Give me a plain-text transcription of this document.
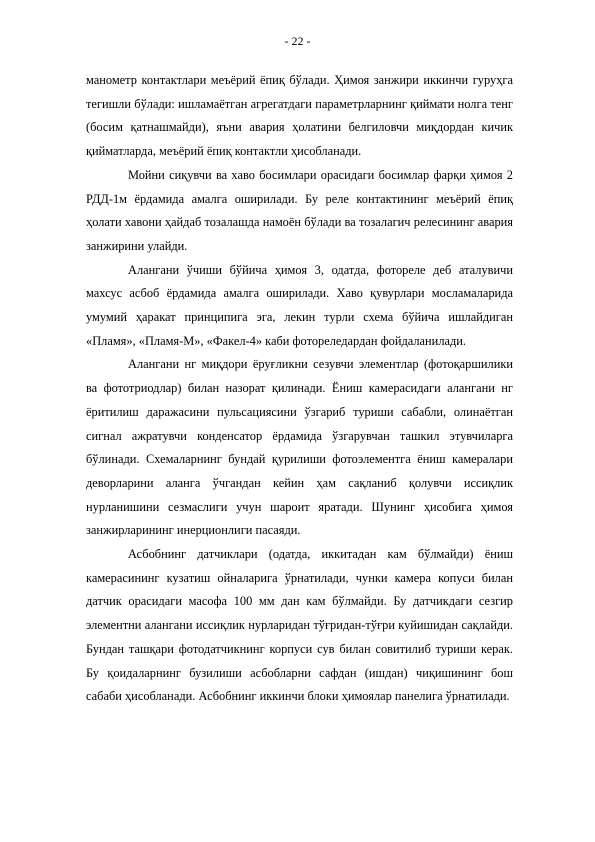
- 22 -

манометр контактлари меъёрий ёпиқ бўлади. Ҳимоя занжири иккинчи гуруҳга тегишли бўлади: ишламаётган агрегатдаги параметрларнинг қиймати нолга тенг (босим қатнашмайди), яъни авария ҳолатини белгиловчи миқдордан кичик қийматларда, меъёрий ёпиқ контактли ҳисобланади.

Мойни сиқувчи ва хаво босимлари орасидаги босимлар фарқи ҳимоя 2 РДД-1м ёрдамида амалга оширилади. Бу реле контактининг меъёрий ёпиқ ҳолати хавони ҳайдаб тозалашда намоён бўлади ва тозалагич релесининг авария занжирини улайди.

Алангани ўчиши бўйича ҳимоя 3, одатда, фотореле деб аталувичи махсус асбоб ёрдамида амалга оширилади. Хаво қувурлари мосламаларида умумий ҳаракат принципига эга, лекин турли схема бўйича ишлайдиган «Пламя», «Пламя-М», «Факел-4» каби фотореледардан фойдаланилади.

Алангани нг миқдори ёруғликни сезувчи элементлар (фотоқаршилики ва фототриодлар) билан назорат қилинади. Ёниш камерасидаги алангани нг ёритилиш даражасини пульсациясини ўзгариб туриши сабабли, олинаётган сигнал ажратувчи конденсатор ёрдамида ўзгарувчан ташкил этувчиларга бўлинади. Схемаларнинг бундай қурилиши фотоэлементга ёниш камералари деворларини аланга ўчгандан кейин ҳам сақланиб қолувчи иссиқлик нурланишини сезмаслиги учун шароит яратади. Шунинг ҳисобига ҳимоя занжирларининг инерционлиги пасаяди.

Асбобнинг датчиклари (одатда, иккитадан кам бўлмайди) ёниш камерасининг кузатиш ойналарига ўрнатилади, чунки камера копуси билан датчик орасидаги масофа 100 мм дан кам бўлмайди. Бу датчикдаги сезгир элементни алангани иссиқлик нурларидан тўғридан-тўғри куйишидан сақлайди. Бундан ташқари фотодатчикнинг корпуси сув билан совитилиб туриши керак. Бу қоидаларнинг бузилиши асбобларни сафдан (ишдан) чиқишининг бош сабаби ҳисобланади. Асбобнинг иккинчи блоки ҳимоялар панелига ўрнатилади.
